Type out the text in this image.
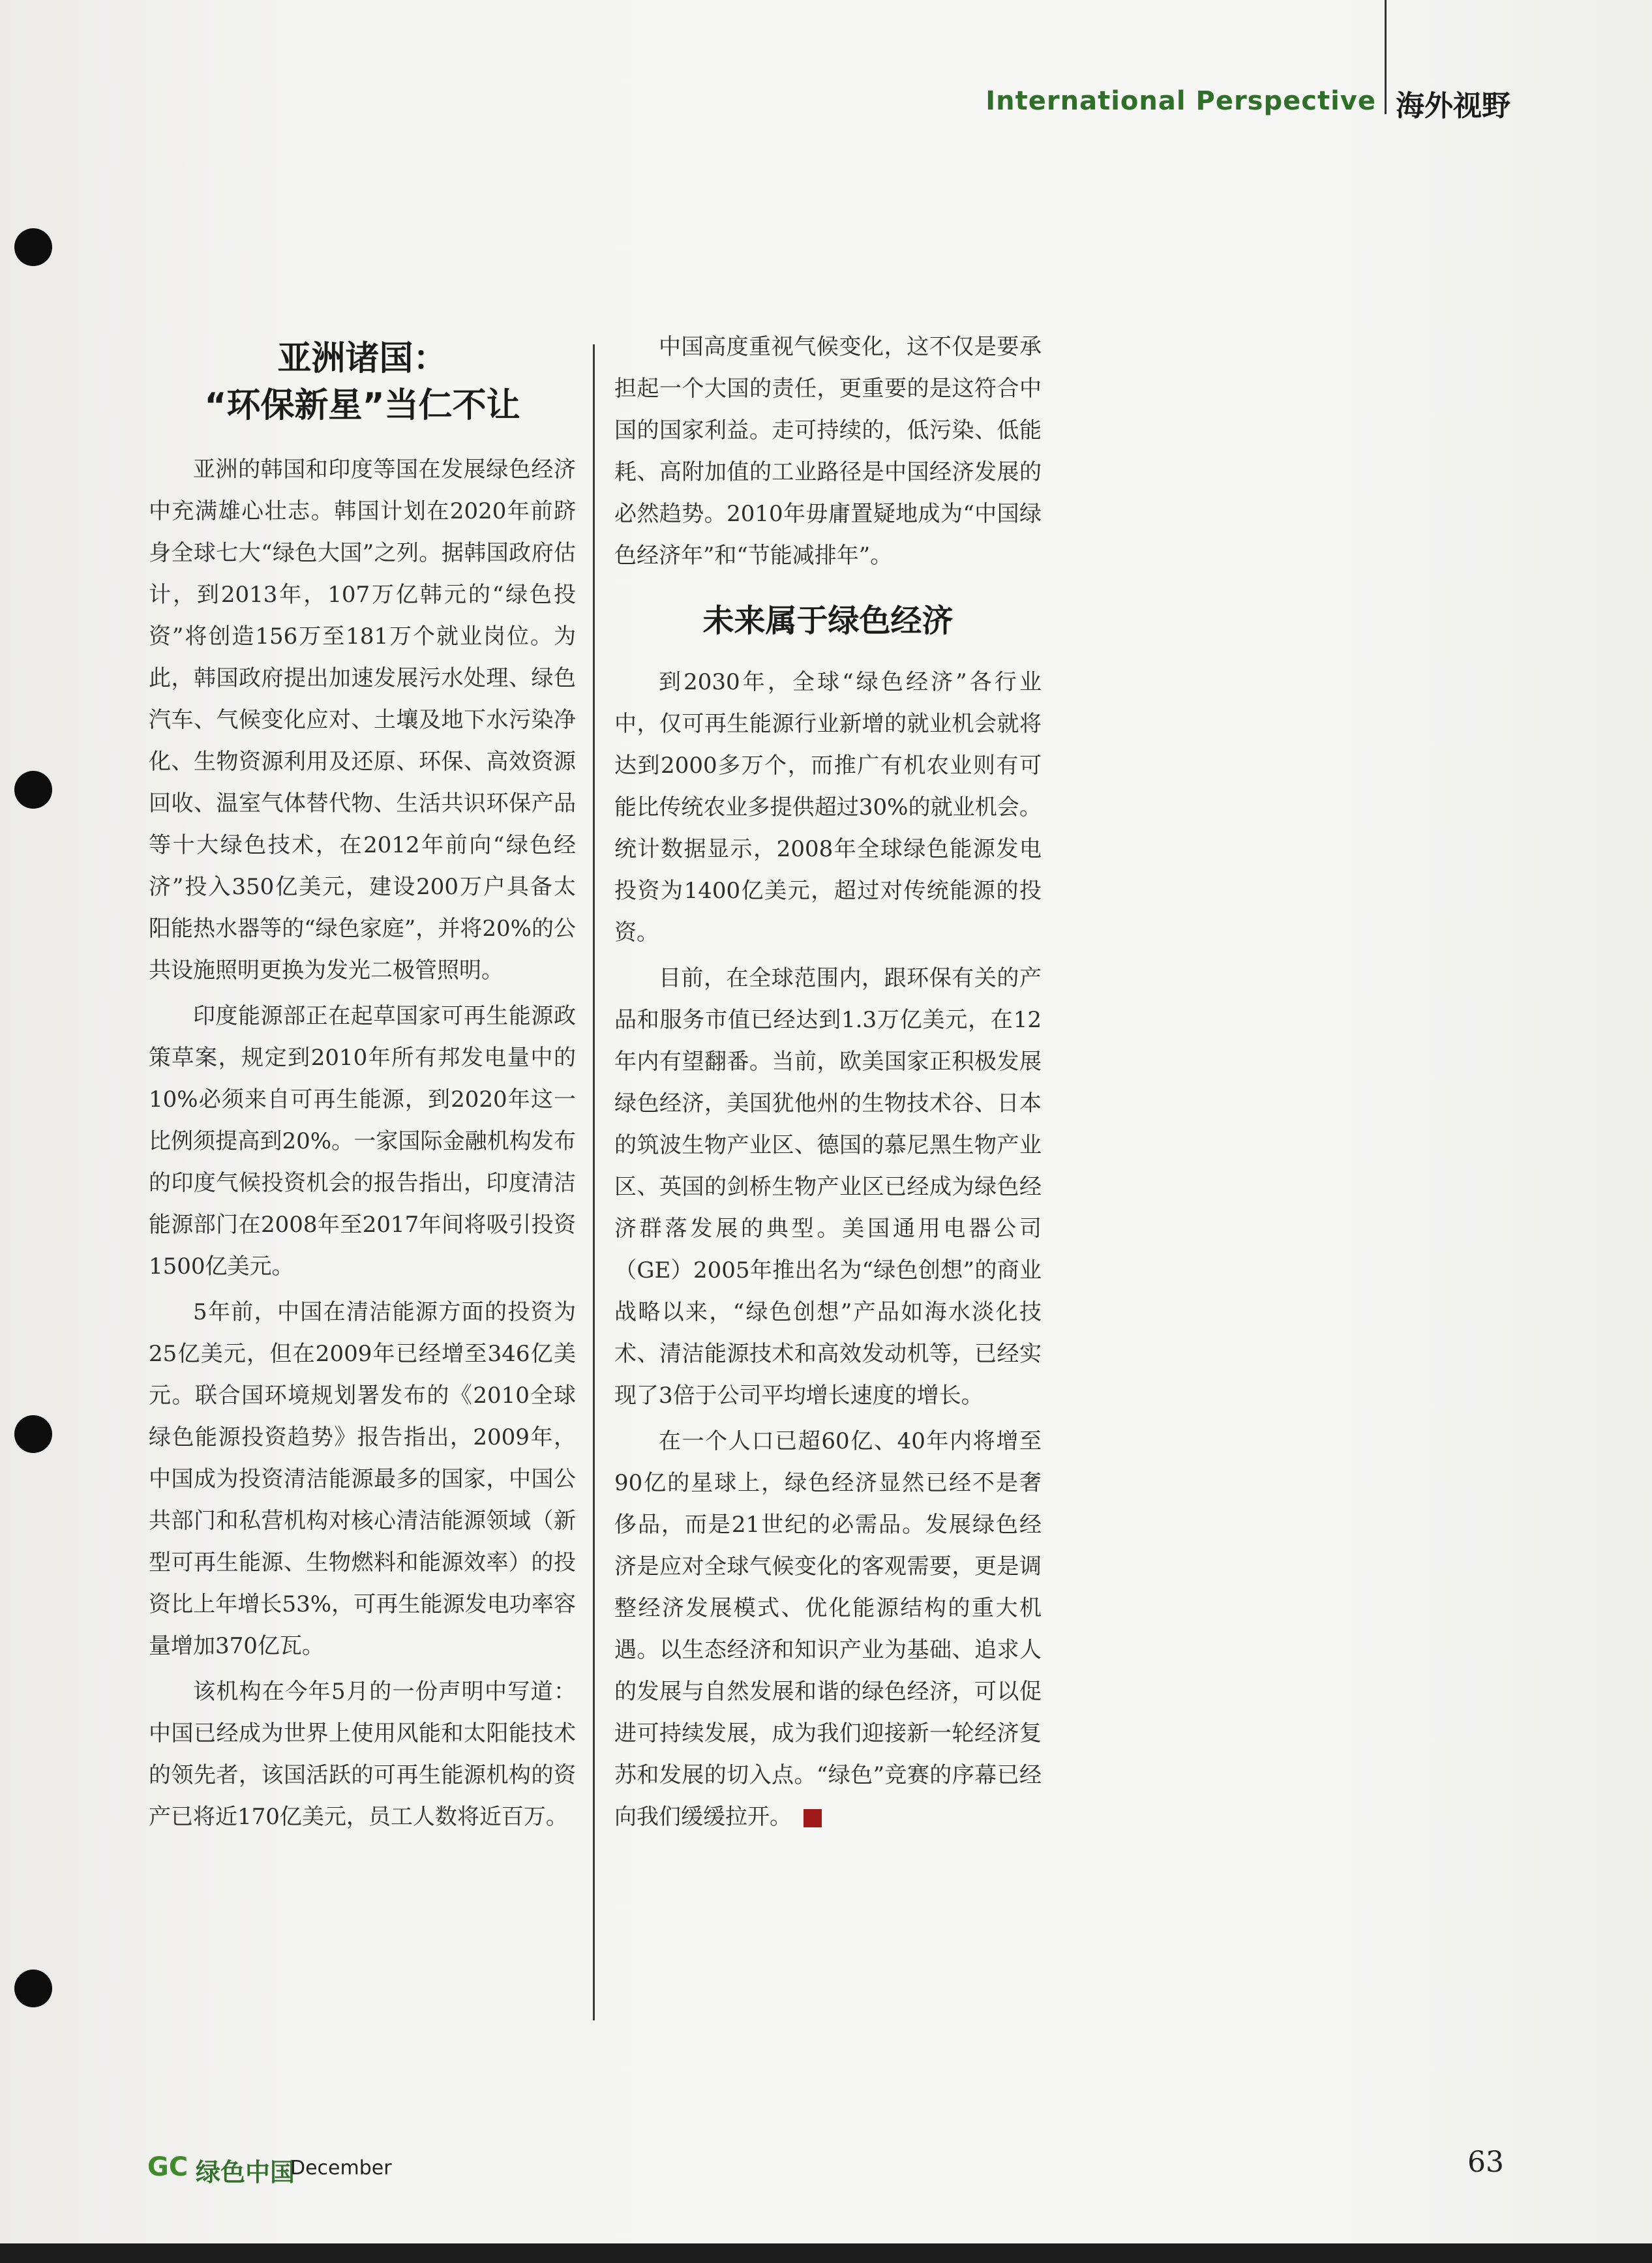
International Perspective 海外视野
亚洲诸国：
“环保新星”当仁不让

亚洲的韩国和印度等国在发展绿色经济中充满雄心壮志。韩国计划在2020年前跻身全球七大“绿色大国”之列。据韩国政府估计，到2013年，107万亿韩元的“绿色投资”将创造156万至181万个就业岗位。为此，韩国政府提出加速发展污水处理、绿色汽车、气候变化应对、土壤及地下水污染净化、生物资源利用及还原、环保、高效资源回收、温室气体替代物、生活共识环保产品等十大绿色技术，在2012年前向“绿色经济”投入350亿美元，建设200万户具备太阳能热水器等的“绿色家庭”，并将20%的公共设施照明更换为发光二极管照明。

印度能源部正在起草国家可再生能源政策草案，规定到2010年所有邦发电量中的10%必须来自可再生能源，到2020年这一比例须提高到20%。一家国际金融机构发布的印度气候投资机会的报告指出，印度清洁能源部门在2008年至2017年间将吸引投资1500亿美元。

5年前，中国在清洁能源方面的投资为25亿美元，但在2009年已经增至346亿美元。联合国环境规划署发布的《2010全球绿色能源投资趋势》报告指出，2009年，中国成为投资清洁能源最多的国家，中国公共部门和私营机构对核心清洁能源领域（新型可再生能源、生物燃料和能源效率）的投资比上年增长53%，可再生能源发电功率容量增加370亿瓦。

该机构在今年5月的一份声明中写道：中国已经成为世界上使用风能和太阳能技术的领先者，该国活跃的可再生能源机构的资产已将近170亿美元，员工人数将近百万。

中国高度重视气候变化，这不仅是要承担起一个大国的责任，更重要的是这符合中国的国家利益。走可持续的，低污染、低能耗、高附加值的工业路径是中国经济发展的必然趋势。2010年毋庸置疑地成为“中国绿色经济年”和“节能减排年”。

未来属于绿色经济

到2030年，全球“绿色经济”各行业中，仅可再生能源行业新增的就业机会就将达到2000多万个，而推广有机农业则有可能比传统农业多提供超过30%的就业机会。统计数据显示，2008年全球绿色能源发电投资为1400亿美元，超过对传统能源的投资。

目前，在全球范围内，跟环保有关的产品和服务市值已经达到1.3万亿美元，在12年内有望翻番。当前，欧美国家正积极发展绿色经济，美国犹他州的生物技术谷、日本的筑波生物产业区、德国的慕尼黑生物产业区、英国的剑桥生物产业区已经成为绿色经济群落发展的典型。美国通用电器公司（GE）2005年推出名为“绿色创想”的商业战略以来，“绿色创想”产品如海水淡化技术、清洁能源技术和高效发动机等，已经实现了3倍于公司平均增长速度的增长。

在一个人口已超60亿、40年内将增至90亿的星球上，绿色经济显然已经不是奢侈品，而是21世纪的必需品。发展绿色经济是应对全球气候变化的客观需要，更是调整经济发展模式、优化能源结构的重大机遇。以生态经济和知识产业为基础、追求人的发展与自然发展和谐的绿色经济，可以促进可持续发展，成为我们迎接新一轮经济复苏和发展的切入点。“绿色”竞赛的序幕已经向我们缓缓拉开。

GC 绿色中国
December	63
